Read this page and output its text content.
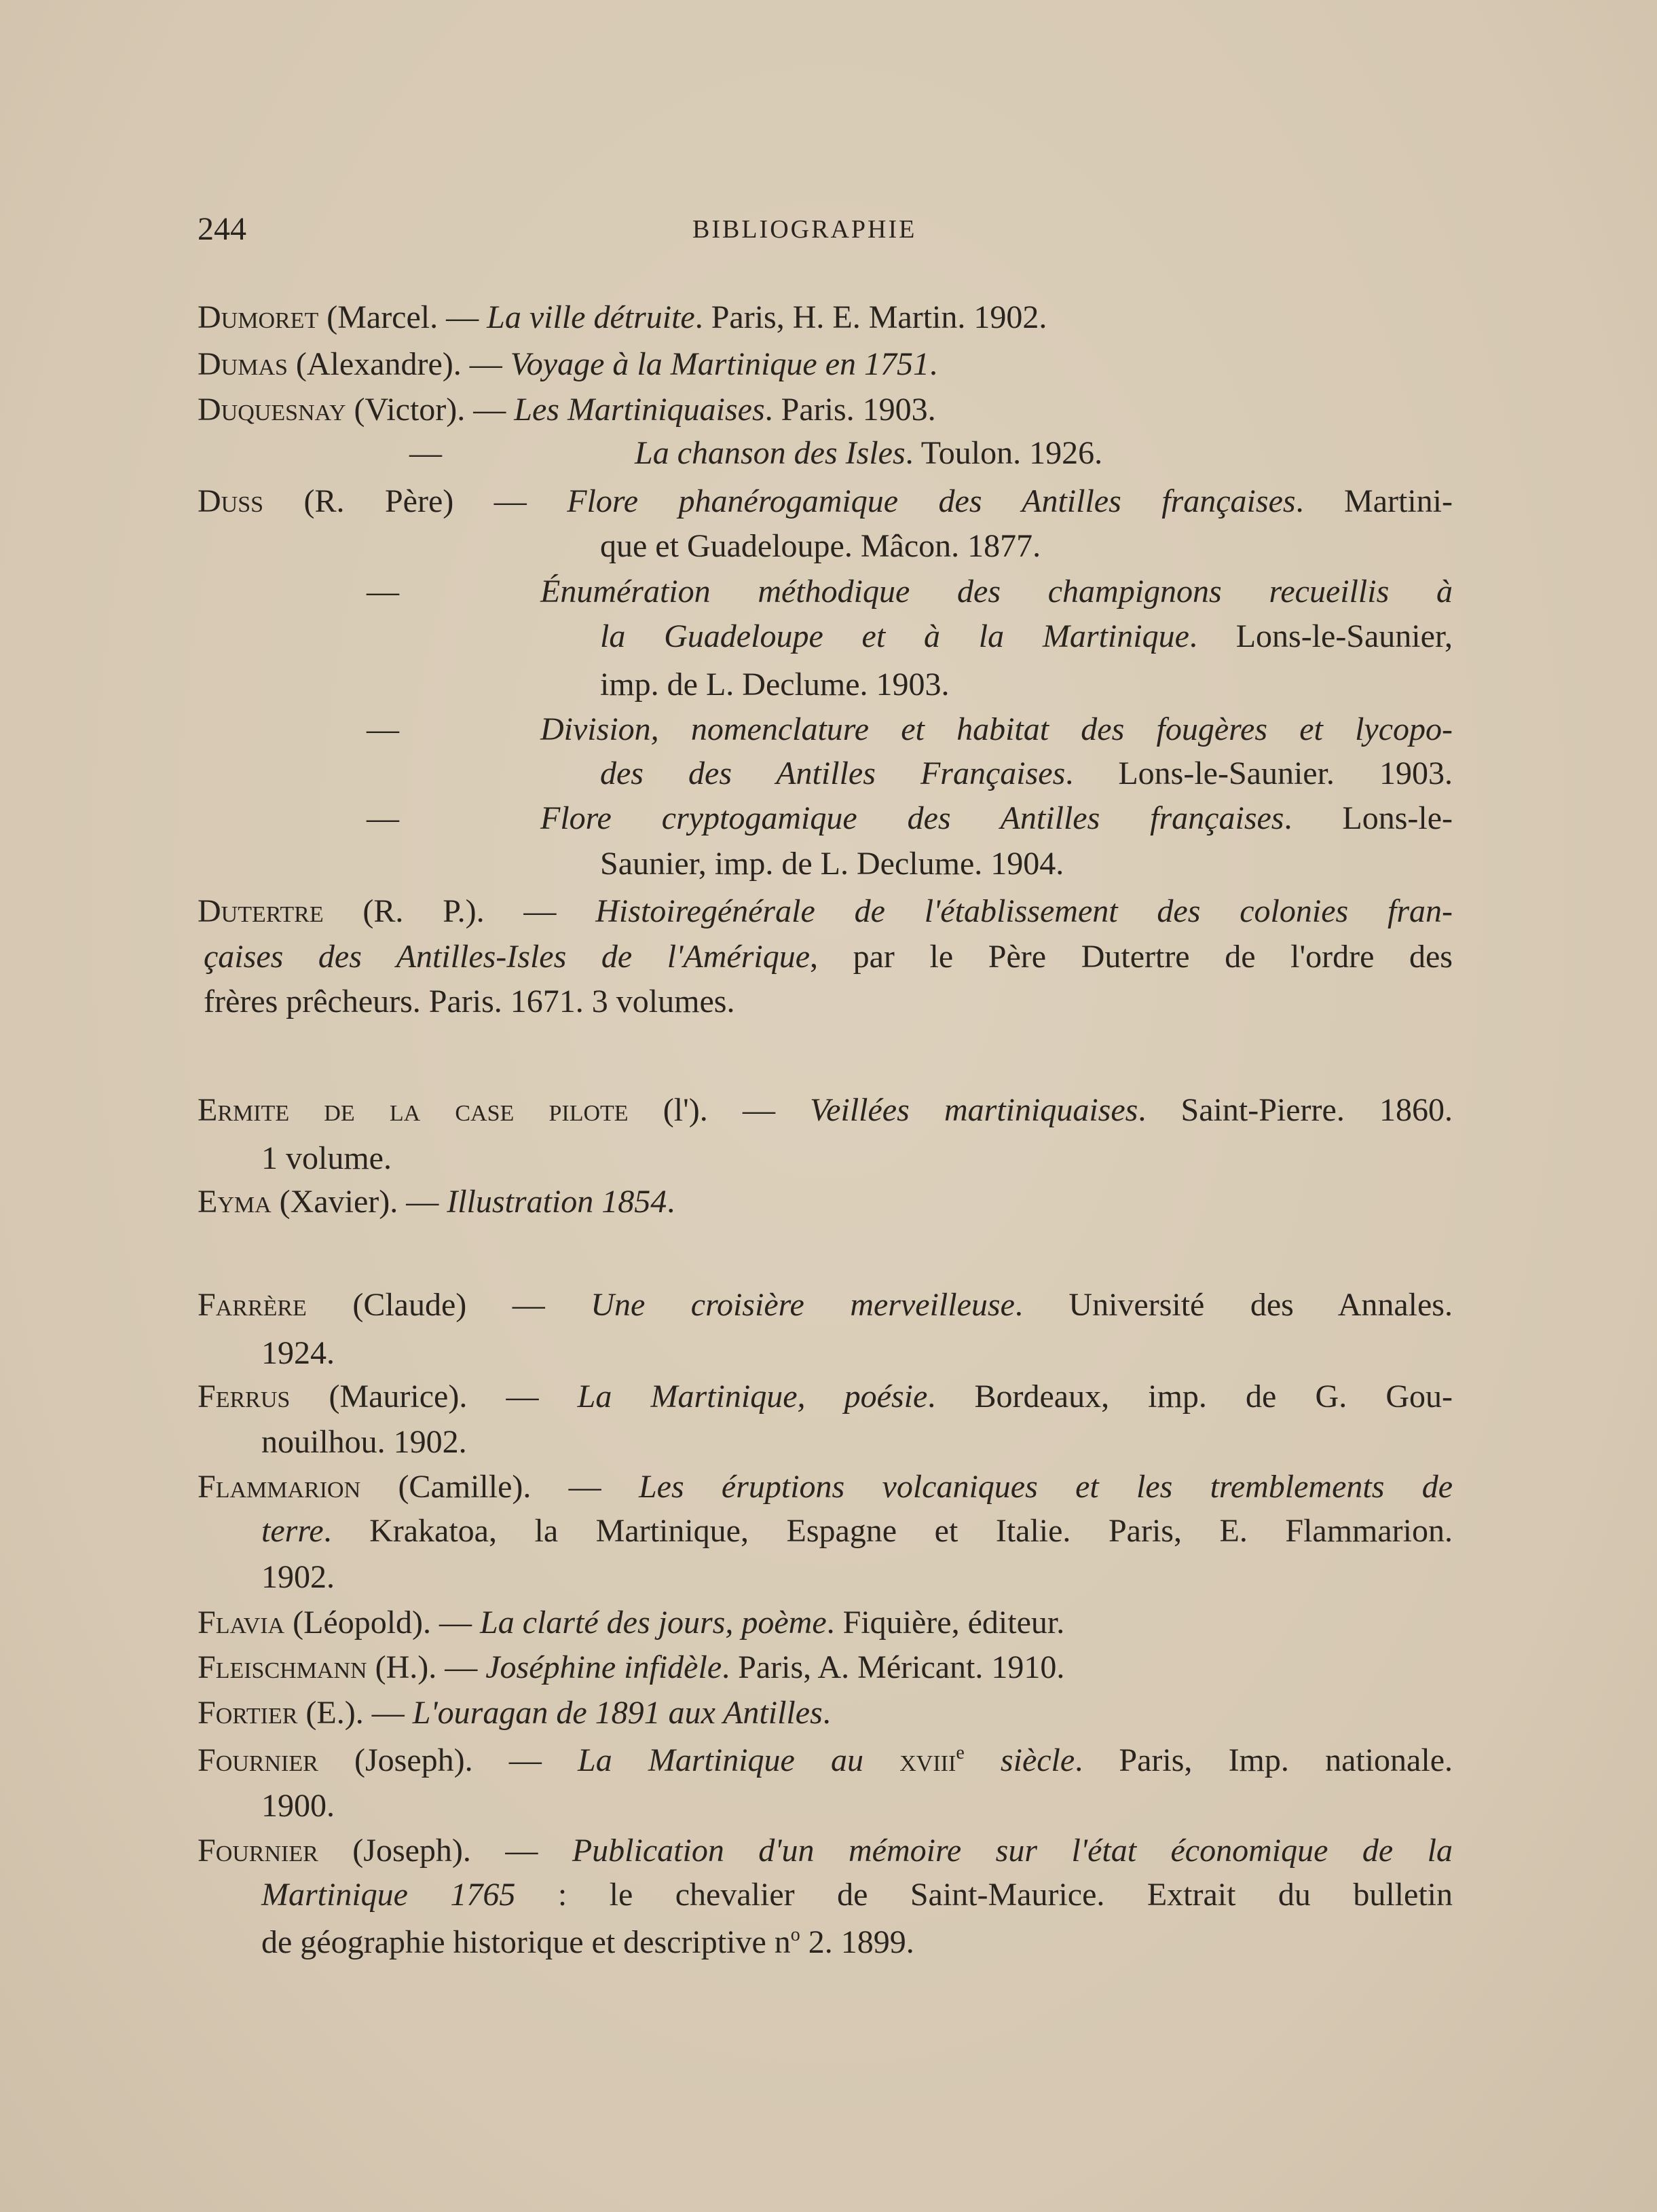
244	BIBLIOGRAPHIE
Dumoret (Marcel. — La ville détruite. Paris, H. E. Martin. 1902.
Dumas (Alexandre). — Voyage à la Martinique en 1751.
Duquesnay (Victor). — Les Martiniquaises. Paris. 1903.
—	La chanson des Isles. Toulon. 1926.
Duss (R. Père) — Flore phanérogamique des Antilles françaises. Martini-
que et Guadeloupe. Mâcon. 1877.
—	Énumération méthodique des champignons recueillis à
la Guadeloupe et à la Martinique. Lons-le-Saunier,
imp. de L. Declume. 1903.
—	Division, nomenclature et habitat des fougères et lycopo-
des des Antilles Françaises. Lons-le-Saunier. 1903.
—	Flore cryptogamique des Antilles françaises. Lons-le-
Saunier, imp. de L. Declume. 1904.
Dutertre (R. P.). — Histoiregénérale de l'établissement des colonies fran-
çaises des Antilles-Isles de l'Amérique, par le Père Dutertre de l'ordre des
frères prêcheurs. Paris. 1671. 3 volumes.
Ermite de la case pilote (l'). — Veillées martiniquaises. Saint-Pierre. 1860.
1 volume.
Eyma (Xavier). — Illustration 1854.
Farrère (Claude) — Une croisière merveilleuse. Université des Annales.
1924.
Ferrus (Maurice). — La Martinique, poésie. Bordeaux, imp. de G. Gou-
nouilhou. 1902.
Flammarion (Camille). — Les éruptions volcaniques et les tremblements de
terre. Krakatoa, la Martinique, Espagne et Italie. Paris, E. Flammarion.
1902.
Flavia (Léopold). — La clarté des jours, poème. Fiquière, éditeur.
Fleischmann (H.). — Joséphine infidèle. Paris, A. Méricant. 1910.
Fortier (E.). — L'ouragan de 1891 aux Antilles.
Fournier (Joseph). — La Martinique au xviii$^e$ siècle. Paris, Imp. nationale.
1900.
Fournier (Joseph). — Publication d'un mémoire sur l'état économique de la
Martinique 1765 : le chevalier de Saint-Maurice. Extrait du bulletin
de géographie historique et descriptive $n^o$ 2. 1899.
